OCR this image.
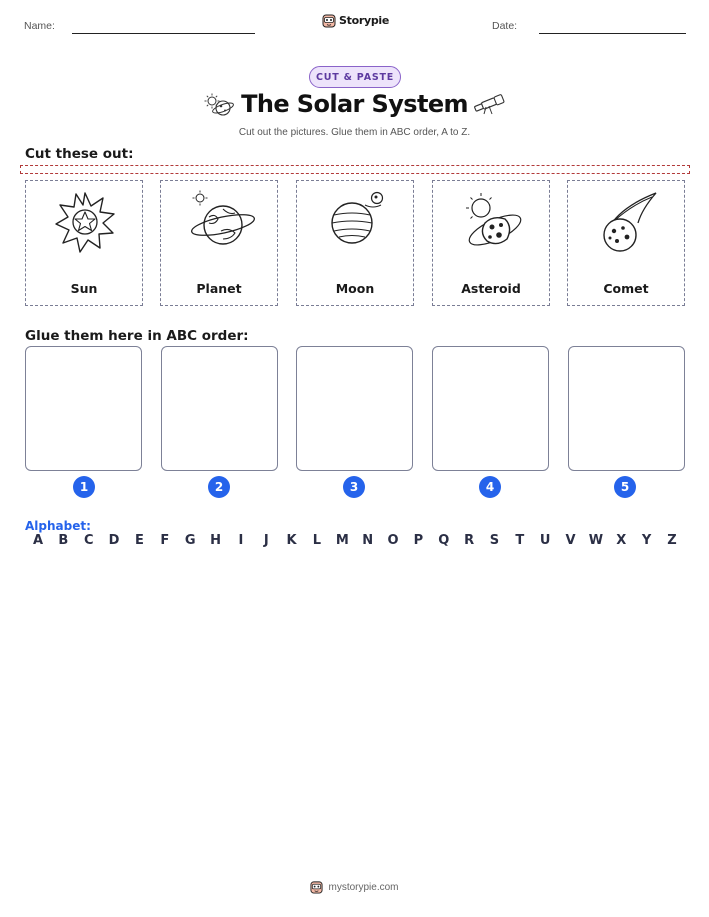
Name:	Storypie	Date:
CUT & PASTE
The Solar System
Cut out the pictures. Glue them in ABC order, A to Z.
Cut these out:
Sun	Planet	Moon	Asteroid	Comet
Glue them here in ABC order:
1	2	3	4	5
Alphabet:
A	B	C	D	E	F	G	H	I	J	K	L	M	N	O	P	Q	R	S	T	U	V	W	X	Y	Z
mystorypie.com
